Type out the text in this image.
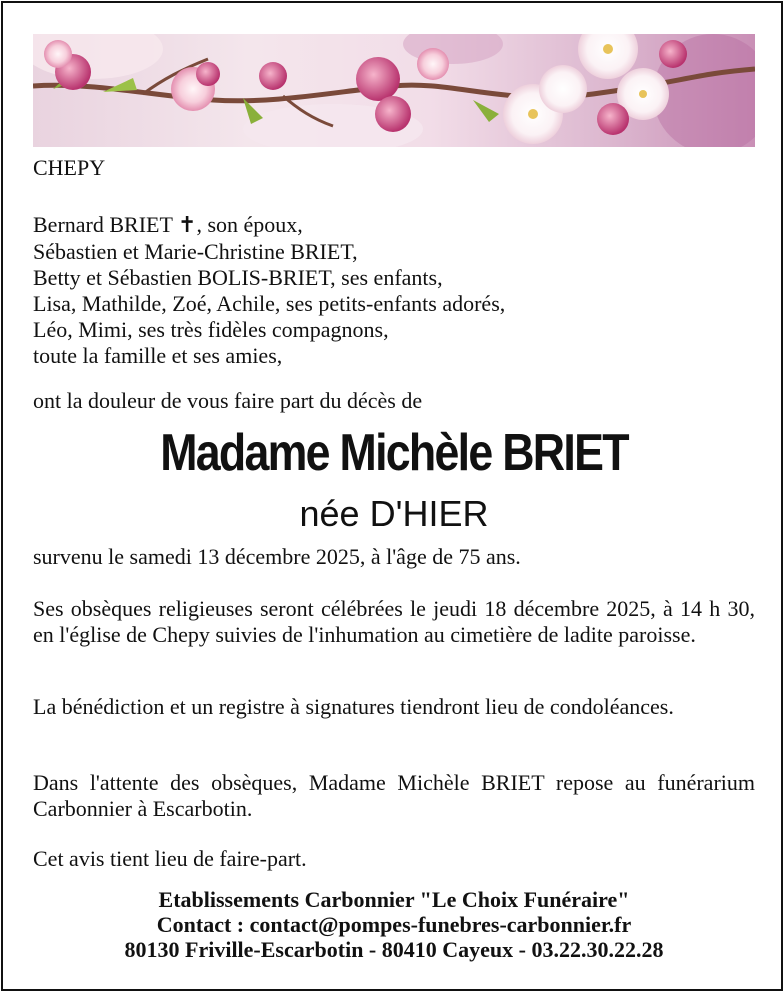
CHEPY

Bernard BRIET ✝, son époux,
Sébastien et Marie-Christine BRIET,
Betty et Sébastien BOLIS-BRIET, ses enfants,
Lisa, Mathilde, Zoé, Achile, ses petits-enfants adorés,
Léo, Mimi, ses très fidèles compagnons,
toute la famille et ses amies,

ont la douleur de vous faire part du décès de

Madame Michèle BRIET
née D'HIER

survenu le samedi 13 décembre 2025, à l'âge de 75 ans.

Ses obsèques religieuses seront célébrées le jeudi 18 décembre 2025, à 14 h 30, en l'église de Chepy suivies de l'inhumation au cimetière de ladite paroisse.

La bénédiction et un registre à signatures tiendront lieu de condoléances.

Dans l'attente des obsèques, Madame Michèle BRIET repose au funérarium Carbonnier à Escarbotin.

Cet avis tient lieu de faire-part.

Etablissements Carbonnier "Le Choix Funéraire"
Contact : contact@pompes-funebres-carbonnier.fr
80130 Friville-Escarbotin - 80410 Cayeux - 03.22.30.22.28
